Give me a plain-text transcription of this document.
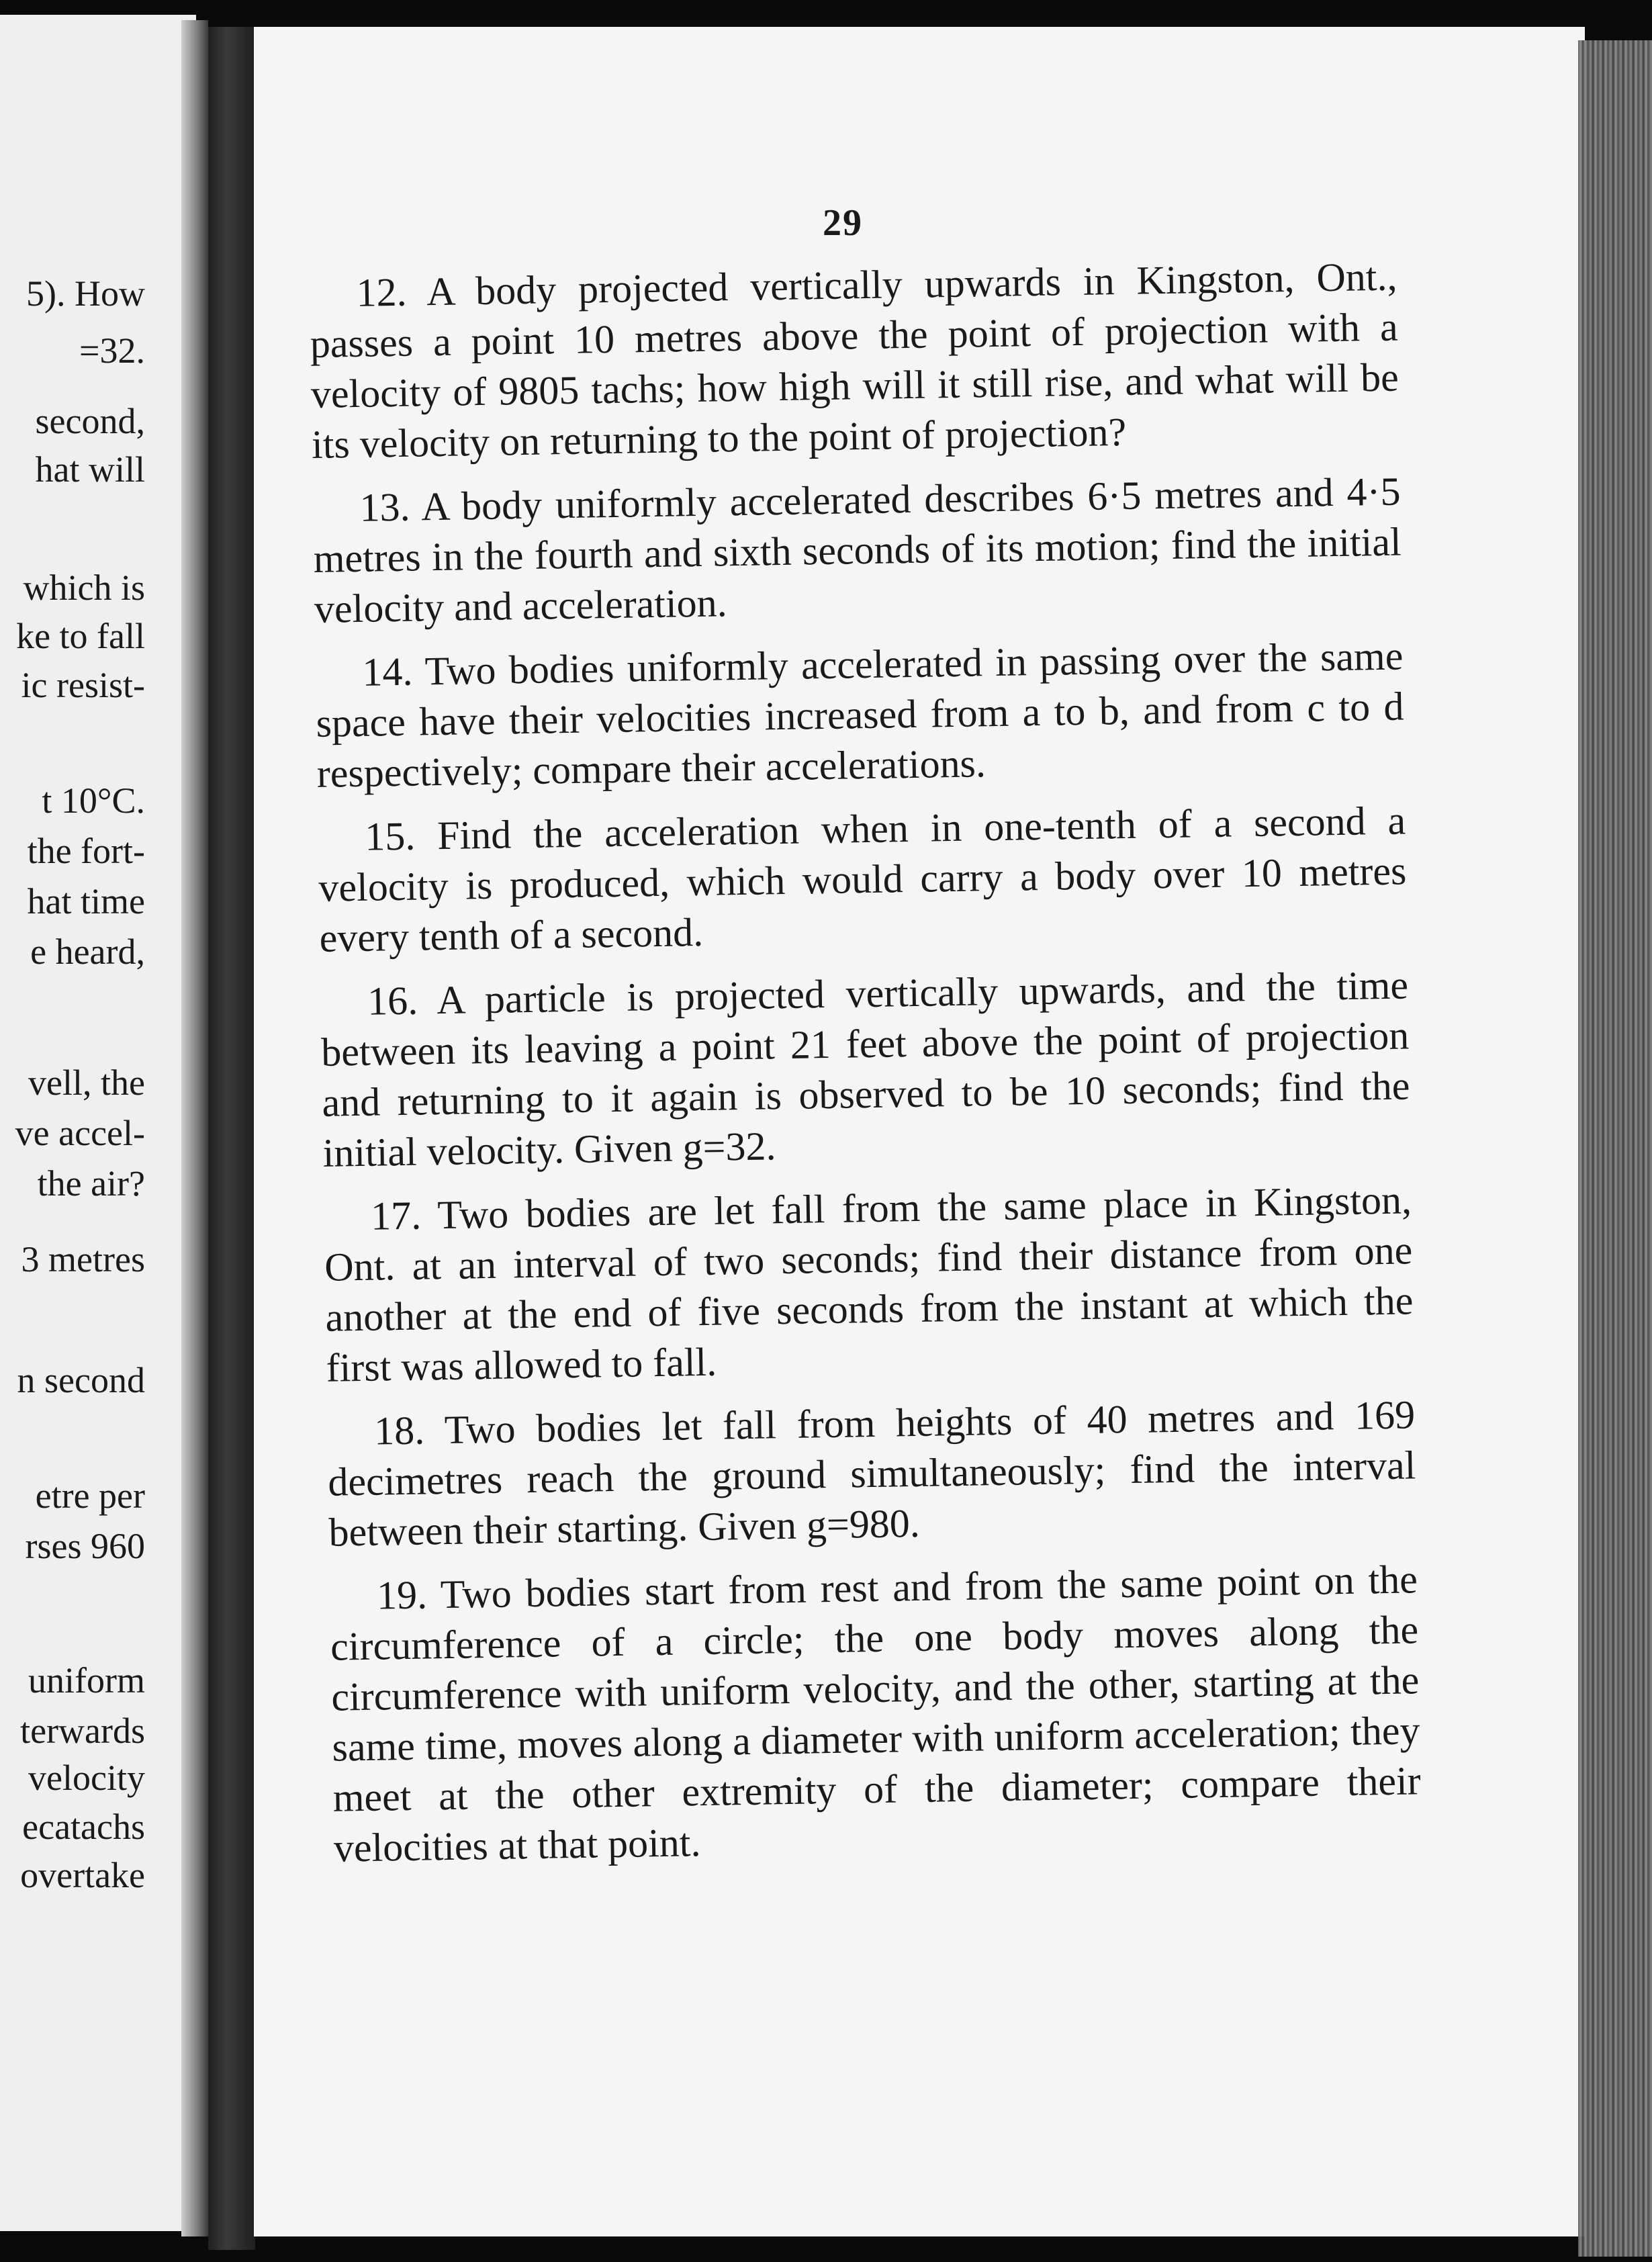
5). How
=32.
second,
hat will
which is
ke to fall
ic resist-
t 10°C.
the fort-
hat time
e heard,
vell, the
ve accel-
the air?
3 metres
n second
etre per
rses 960
uniform
terwards
velocity
ecatachs
overtake
29

12. A body projected vertically upwards in Kingston, Ont., passes a point 10 metres above the point of projection with a velocity of 9805 tachs; how high will it still rise, and what will be its velocity on returning to the point of projection?

13. A body uniformly accelerated describes 6·5 metres and 4·5 metres in the fourth and sixth seconds of its motion; find the initial velocity and acceleration.

14. Two bodies uniformly accelerated in passing over the same space have their velocities increased from a to b, and from c to d respectively; compare their accelerations.

15. Find the acceleration when in one-tenth of a second a velocity is produced, which would carry a body over 10 metres every tenth of a second.

16. A particle is projected vertically upwards, and the time between its leaving a point 21 feet above the point of projection and returning to it again is observed to be 10 seconds; find the initial velocity. Given g=32.

17. Two bodies are let fall from the same place in Kingston, Ont. at an interval of two seconds; find their distance from one another at the end of five seconds from the instant at which the first was allowed to fall.

18. Two bodies let fall from heights of 40 metres and 169 decimetres reach the ground simultaneously; find the interval between their starting. Given g=980.

19. Two bodies start from rest and from the same point on the circumference of a circle; the one body moves along the circumference with uniform velocity, and the other, starting at the same time, moves along a diameter with uniform acceleration; they meet at the other extremity of the diameter; compare their velocities at that point.
